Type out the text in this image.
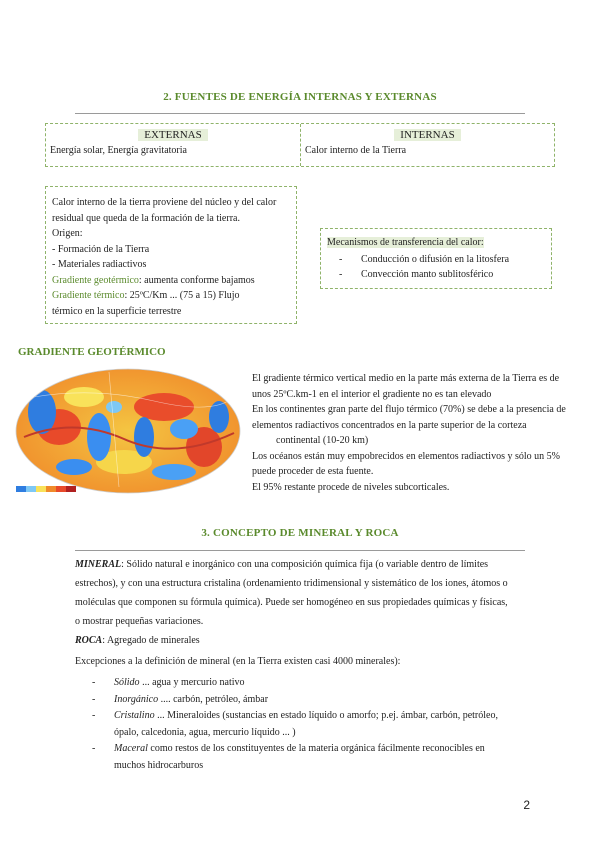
2. FUENTES DE ENERGÍA INTERNAS Y EXTERNAS
EXTERNAS
Energía solar, Energía gravitatoria
INTERNAS
Calor interno de la Tierra
Calor interno de la tierra proviene del núcleo y del calor
residual que queda de la formación de la tierra.
Origen:
- Formación de la Tierra
- Materiales radiactivos
Gradiente geotérmico: aumenta conforme bajamos
Gradiente térmico: 25ºC/Km ... (75 a 15) Flujo
térmico en la superficie terrestre
Mecanismos de transferencia del calor:
- Conducción o difusión en la litosfera
- Convección manto sublitosférico
GRADIENTE GEOTÉRMICO
El gradiente térmico vertical medio en la parte más externa de la Tierra es de
unos 25ºC.km-1 en el interior el gradiente no es tan elevado
En los continentes gran parte del flujo térmico (70%) se debe a la presencia de
elementos radiactivos concentrados en la parte superior de la corteza
continental (10-20 km)
Los océanos están muy empobrecidos en elementos radiactivos y sólo un 5%
puede proceder de esta fuente.
El 95% restante procede de niveles subcorticales.
3. CONCEPTO DE MINERAL Y ROCA
MINERAL: Sólido natural e inorgánico con una composición química fija (o variable dentro de límites
estrechos), y con una estructura cristalina (ordenamiento tridimensional y sistemático de los iones, átomos o
moléculas que componen su fórmula química). Puede ser homogéneo en sus propiedades químicas y físicas,
o mostrar pequeñas variaciones.
ROCA: Agregado de minerales
Excepciones a la definición de mineral (en la Tierra existen casi 4000 minerales):
- Sólido ... agua y mercurio nativo
- Inorgánico .... carbón, petróleo, ámbar
- Cristalino ... Mineraloides (sustancias en estado líquido o amorfo; p.ej. ámbar, carbón, petróleo,
ópalo, calcedonia, agua, mercurio líquido ... )
- Maceral como restos de los constituyentes de la materia orgánica fácilmente reconocibles en
muchos hidrocarburos
2
